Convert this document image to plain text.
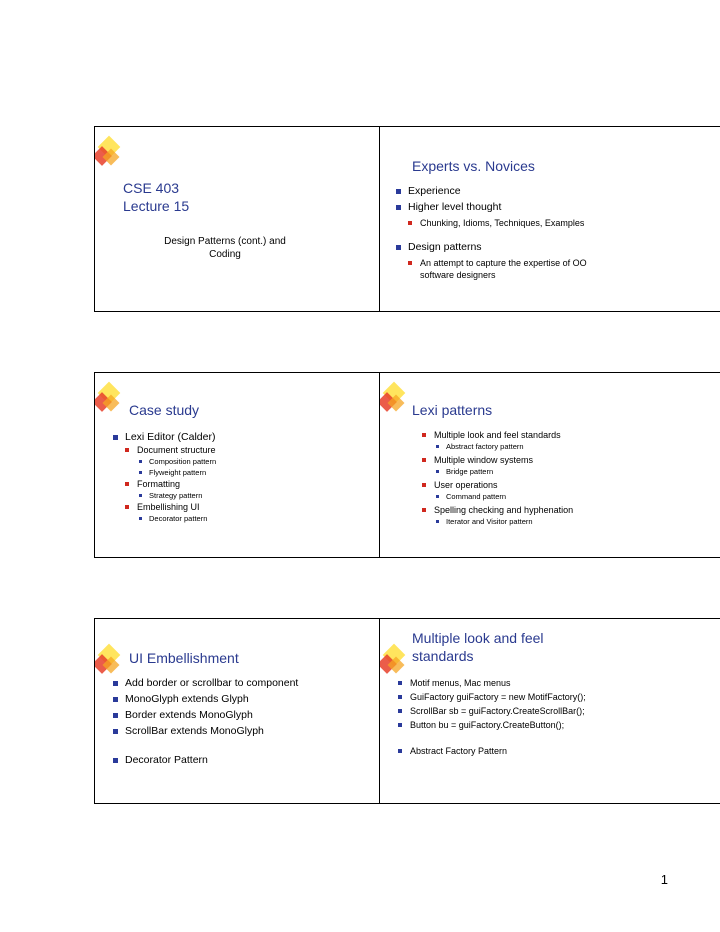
CSE 403
Lecture 15
Design Patterns (cont.) and
Coding
Experts vs. Novices
Experience
Higher level thought
Chunking, Idioms, Techniques, Examples
Design patterns
An attempt to capture the expertise of OO
software designers
Case study
Lexi Editor (Calder)
Document structure
Composition pattern
Flyweight pattern
Formatting
Strategy pattern
Embellishing UI
Decorator pattern
Lexi patterns
Multiple look and feel standards
Abstract factory pattern
Multiple window systems
Bridge pattern
User operations
Command pattern
Spelling checking and hyphenation
Iterator and Visitor pattern
UI Embellishment
Add border or scrollbar to component
MonoGlyph extends Glyph
Border extends MonoGlyph
ScrollBar extends MonoGlyph
Decorator Pattern
Multiple look and feel
standards
Motif menus, Mac menus
GuiFactory guiFactory = new MotifFactory();
ScrollBar sb = guiFactory.CreateScrollBar();
Button bu = guiFactory.CreateButton();
Abstract Factory Pattern
1
